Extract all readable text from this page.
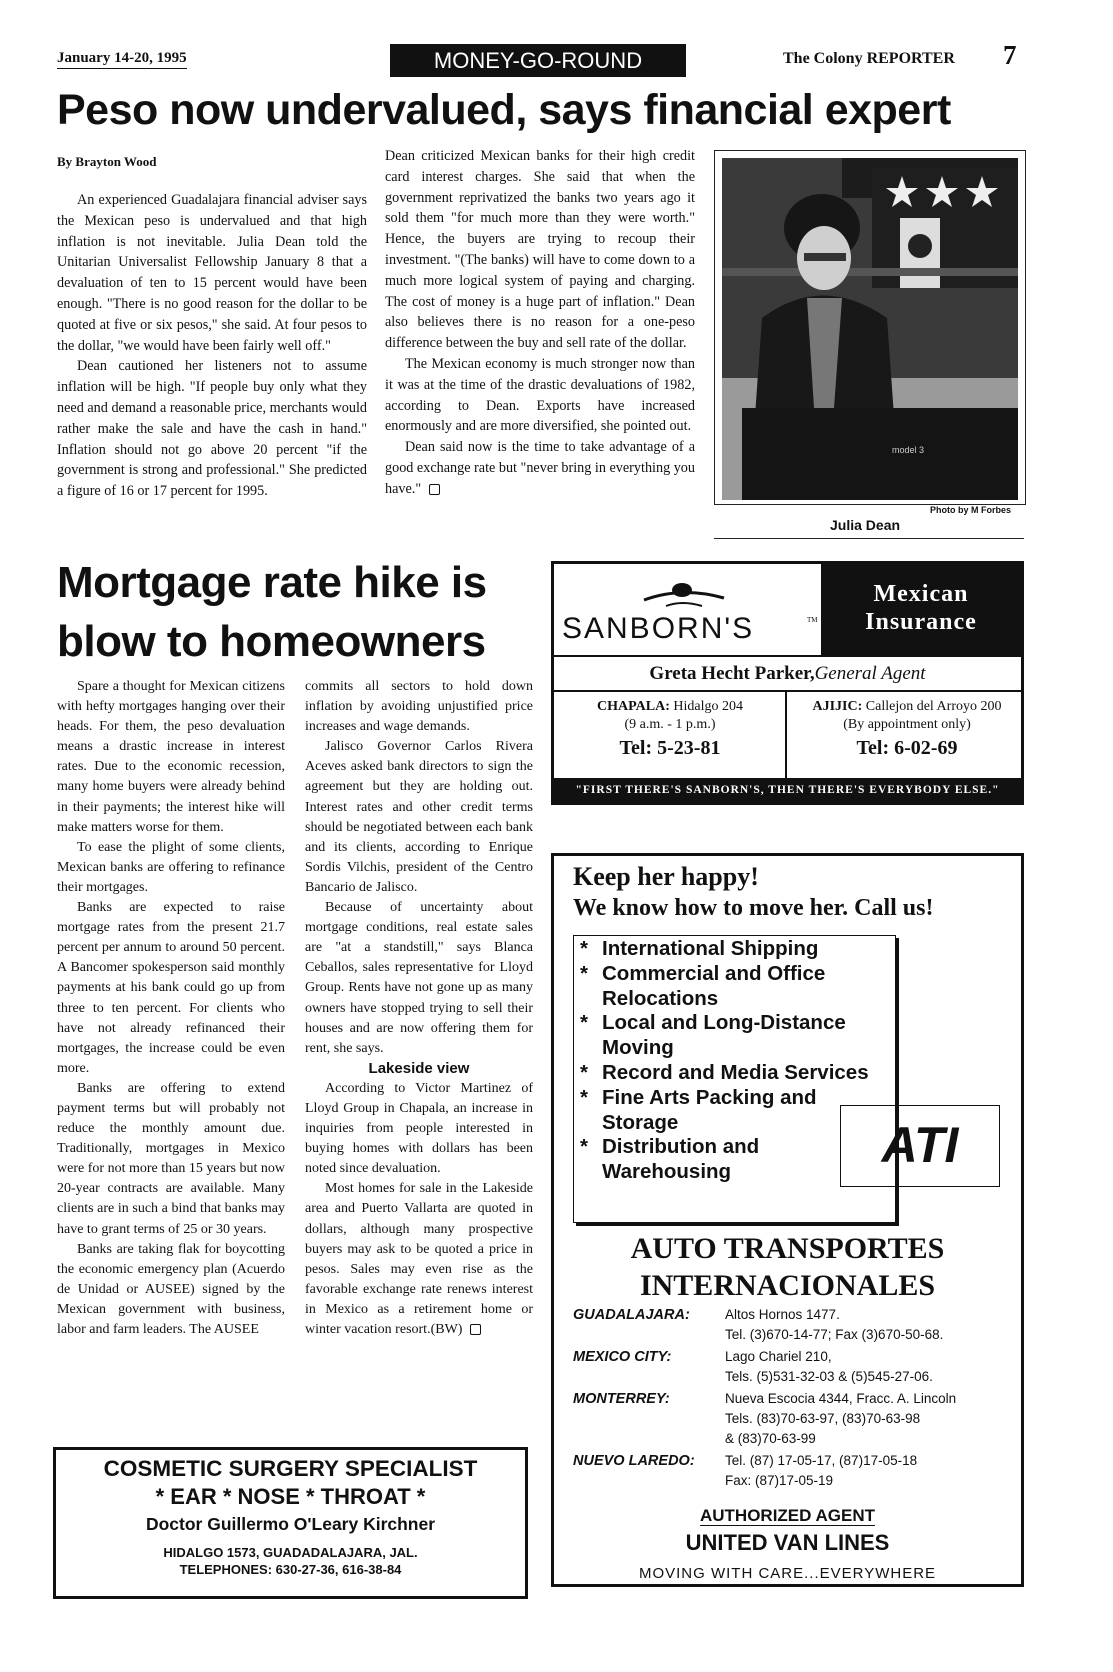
January 14-20, 1995	MONEY-GO-ROUND	The Colony REPORTER 7
Peso now undervalued, says financial expert
By Brayton Wood

An experienced Guadalajara financial adviser says the Mexican peso is undervalued and that high inflation is not inevitable. Julia Dean told the Unitarian Universalist Fellowship January 8 that a devaluation of ten to 15 percent would have been enough. "There is no good reason for the dollar to be quoted at five or six pesos," she said. At four pesos to the dollar, "we would have been fairly well off."

Dean cautioned her listeners not to assume inflation will be high. "If people buy only what they need and demand a reasonable price, merchants would rather make the sale and have the cash in hand." Inflation should not go above 20 percent "if the government is strong and professional." She predicted a figure of 16 or 17 percent for 1995.

Dean criticized Mexican banks for their high credit card interest charges. She said that when the government reprivatized the banks two years ago it sold them "for much more than they were worth." Hence, the buyers are trying to recoup their investment. "(The banks) will have to come down to a much more logical system of paying and charging. The cost of money is a huge part of inflation." Dean also believes there is no reason for a one-peso difference between the buy and sell rate of the dollar.

The Mexican economy is much stronger now than it was at the time of the drastic devaluations of 1982, according to Dean. Exports have increased enormously and are more diversified, she pointed out.

Dean said now is the time to take advantage of a good exchange rate but "never bring in everything you have."

model 3
Photo by M Forbes
Julia Dean
Mortgage rate hike is blow to homeowners

Spare a thought for Mexican citizens with hefty mortgages hanging over their heads. For them, the peso devaluation means a drastic increase in interest rates. Due to the economic recession, many home buyers were already behind in their payments; the interest hike will make matters worse for them.

To ease the plight of some clients, Mexican banks are offering to refinance their mortgages.

Banks are expected to raise mortgage rates from the present 21.7 percent per annum to around 50 percent. A Bancomer spokesperson said monthly payments at his bank could go up from three to ten percent. For clients who have not already refinanced their mortgages, the increase could be even more.

Banks are offering to extend payment terms but will probably not reduce the monthly amount due. Traditionally, mortgages in Mexico were for not more than 15 years but now 20-year contracts are available. Many clients are in such a bind that banks may have to grant terms of 25 or 30 years.

Banks are taking flak for boycotting the economic emergency plan (Acuerdo de Unidad or AUSEE) signed by the Mexican government with business, labor and farm leaders. The AUSEE

commits all sectors to hold down inflation by avoiding unjustified price increases and wage demands.

Jalisco Governor Carlos Rivera Aceves asked bank directors to sign the agreement but they are holding out. Interest rates and other credit terms should be negotiated between each bank and its clients, according to Enrique Sordis Vilchis, president of the Centro Bancario de Jalisco.

Because of uncertainty about mortgage conditions, real estate sales are "at a standstill," says Blanca Ceballos, sales representative for Lloyd Group. Rents have not gone up as many owners have stopped trying to sell their houses and are now offering them for rent, she says.

Lakeside view

According to Victor Martinez of Lloyd Group in Chapala, an increase in inquiries from people interested in buying homes with dollars has been noted since devaluation.

Most homes for sale in the Lakeside area and Puerto Vallarta are quoted in dollars, although many prospective buyers may ask to be quoted a price in pesos. Sales may even rise as the favorable exchange rate renews interest in Mexico as a retirement home or winter vacation resort.(BW)

SANBORN'S	TM
Mexican
Insurance
Greta Hecht Parker,General Agent
CHAPALA: Hidalgo 204
(9 a.m. - 1 p.m.)
Tel: 5-23-81
AJIJIC: Callejon del Arroyo 200
(By appointment only)
Tel: 6-02-69
"FIRST THERE'S SANBORN'S, THEN THERE'S EVERYBODY ELSE."
Keep her happy!
We know how to move her. Call us!
* International Shipping
* Commercial and Office Relocations
* Local and Long-Distance Moving
* Record and Media Services
* Fine Arts Packing and Storage
* Distribution and Warehousing	ATI
AUTO TRANSPORTES
INTERNACIONALES
GUADALAJARA:	Altos Hornos 1477.
Tel. (3)670-14-77; Fax (3)670-50-68.
MEXICO CITY:	Lago Chariel 210,
Tels. (5)531-32-03 & (5)545-27-06.
MONTERREY:	Nueva Escocia 4344, Fracc. A. Lincoln
Tels. (83)70-63-97, (83)70-63-98
& (83)70-63-99
NUEVO LAREDO:	Tel. (87) 17-05-17, (87)17-05-18
Fax: (87)17-05-19
AUTHORIZED AGENT
UNITED VAN LINES
MOVING WITH CARE...EVERYWHERE
COSMETIC SURGERY SPECIALIST
* EAR * NOSE * THROAT *
Doctor Guillermo O'Leary Kirchner
HIDALGO 1573, GUADADALAJARA, JAL.
TELEPHONES: 630-27-36, 616-38-84
